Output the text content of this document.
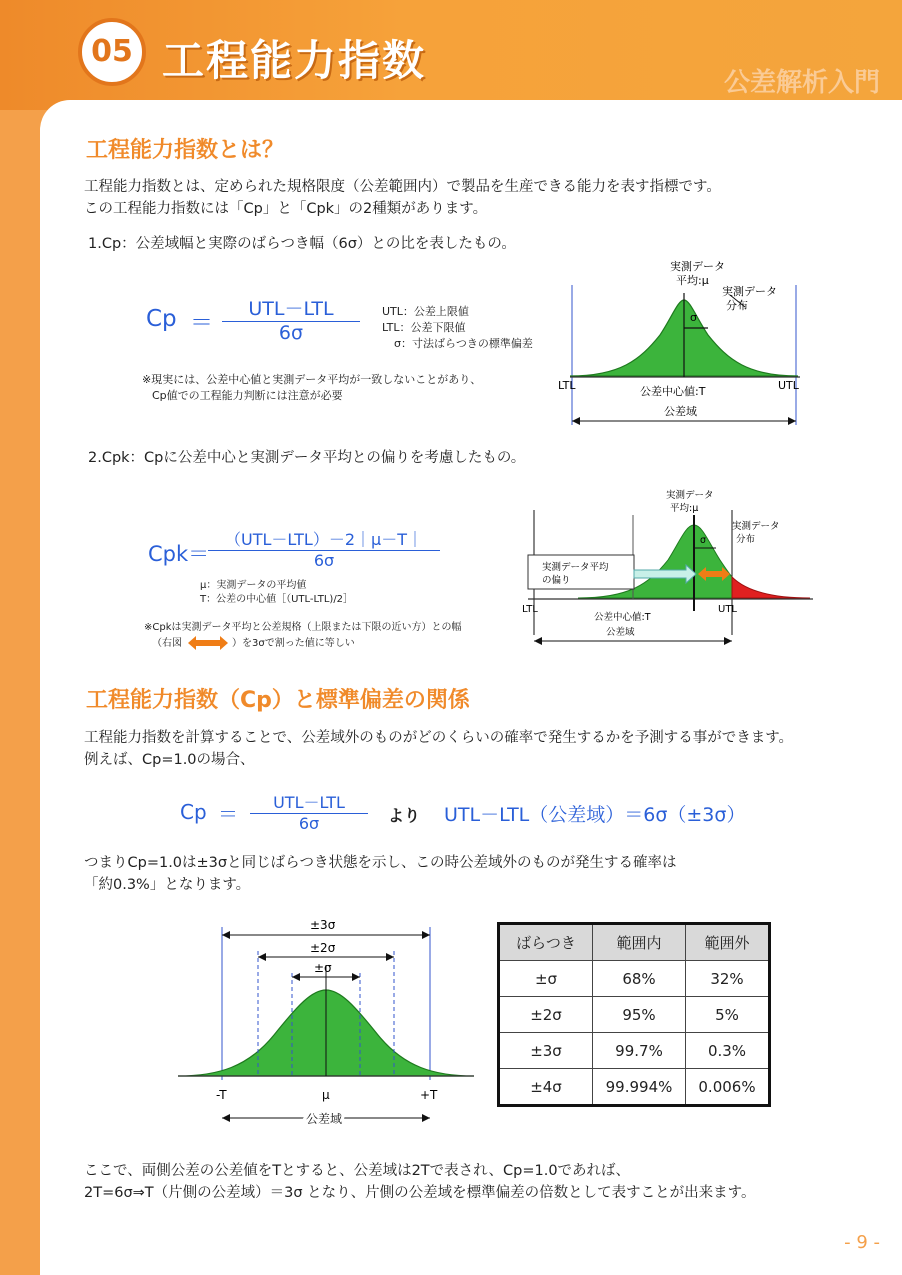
05 工程能力指数	公差解析入門
工程能力指数とは？
工程能力指数とは、定められた規格限度（公差範囲内）で製品を生産できる能力を表す指標です。
この工程能力指数には「Cp」と「Cpk」の2種類があります。
1.Cp：公差域幅と実際のばらつき幅（6σ）との比を表したもの。
Cp ＝
UTL－LTL
6σ
UTL：公差上限値
LTL：公差下限値
σ：寸法ばらつきの標準偏差
※現実には、公差中心値と実測データ平均が一致しないことがあり、
Cp値での工程能力判断には注意が必要
実測データ
平均:μ
実測データ
分布
σ
LTL	UTL
公差中心値:T
公差域
2.Cpk：Cpに公差中心と実測データ平均との偏りを考慮したもの。
Cpk＝
（UTL－LTL）－2｜μ－T｜
6σ
μ：実測データの平均値
T：公差の中心値［（UTL-LTL)/2］
※Cpkは実測データ平均と公差規格（上限または下限の近い方）との幅
（右図	）を3σで割った値に等しい
実測データ平均
の偏り
実測データ
平均:μ
実測データ
分布
σ
LTL	UTL
公差中心値:T
公差域
工程能力指数（Cp）と標準偏差の関係
工程能力指数を計算することで、公差域外のものがどのくらいの確率で発生するかを予測する事ができます。
例えば、Cp=1.0の場合、
Cp ＝	UTL－LTL
6σ	より UTL－LTL（公差域）＝6σ（±3σ）
つまりCp=1.0は±3σと同じばらつき状態を示し、この時公差域外のものが発生する確率は
「約0.3%」となります。
±3σ
±2σ
±σ
-T	μ	+T
公差域
ばらつき	範囲内	範囲外
±σ	68%	32%
±2σ	95%	5%
±3σ	99.7%	0.3%
±4σ	99.994%	0.006%
ここで、両側公差の公差値をTとすると、公差域は2Tで表され、Cp=1.0であれば、
2T=6σ⇒T（片側の公差域）＝3σ となり、片側の公差域を標準偏差の倍数として表すことが出来ます。
- 9 -
